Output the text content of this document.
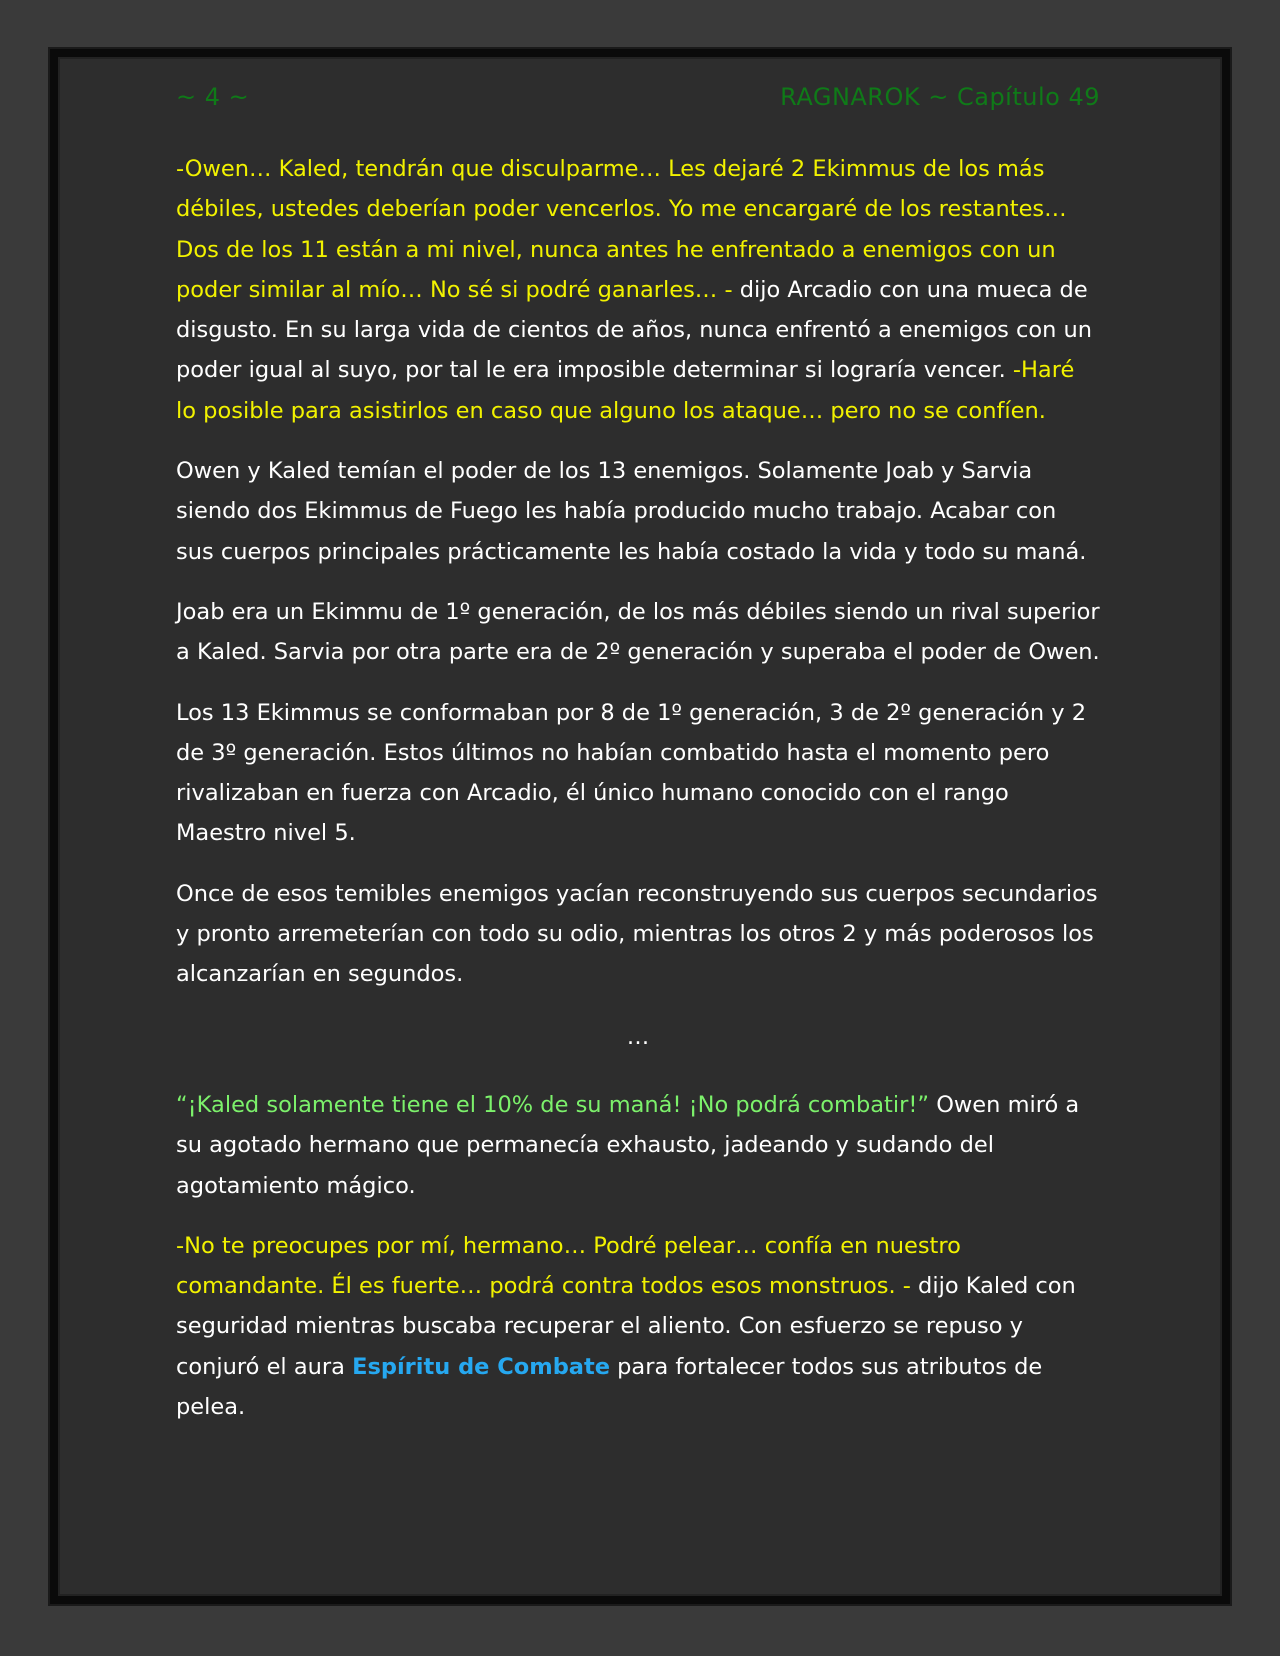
~ 4 ~	RAGNAROK ~ Capítulo 49

-Owen… Kaled, tendrán que disculparme… Les dejaré 2 Ekimmus de los más débiles, ustedes deberían poder vencerlos. Yo me encargaré de los restantes… Dos de los 11 están a mi nivel, nunca antes he enfrentado a enemigos con un poder similar al mío… No sé si podré ganarles… - dijo Arcadio con una mueca de disgusto. En su larga vida de cientos de años, nunca enfrentó a enemigos con un poder igual al suyo, por tal le era imposible determinar si lograría vencer. -Haré lo posible para asistirlos en caso que alguno los ataque… pero no se confíen.

Owen y Kaled temían el poder de los 13 enemigos. Solamente Joab y Sarvia siendo dos Ekimmus de Fuego les había producido mucho trabajo. Acabar con sus cuerpos principales prácticamente les había costado la vida y todo su maná.

Joab era un Ekimmu de 1º generación, de los más débiles siendo un rival superior a Kaled. Sarvia por otra parte era de 2º generación y superaba el poder de Owen.

Los 13 Ekimmus se conformaban por 8 de 1º generación, 3 de 2º generación y 2 de 3º generación. Estos últimos no habían combatido hasta el momento pero rivalizaban en fuerza con Arcadio, él único humano conocido con el rango Maestro nivel 5.

Once de esos temibles enemigos yacían reconstruyendo sus cuerpos secundarios y pronto arremeterían con todo su odio, mientras los otros 2 y más poderosos los alcanzarían en segundos.

…

“¡Kaled solamente tiene el 10% de su maná! ¡No podrá combatir!” Owen miró a su agotado hermano que permanecía exhausto, jadeando y sudando del agotamiento mágico.

-No te preocupes por mí, hermano… Podré pelear… confía en nuestro comandante. Él es fuerte… podrá contra todos esos monstruos. - dijo Kaled con seguridad mientras buscaba recuperar el aliento. Con esfuerzo se repuso y conjuró el aura Espíritu de Combate para fortalecer todos sus atributos de pelea.
